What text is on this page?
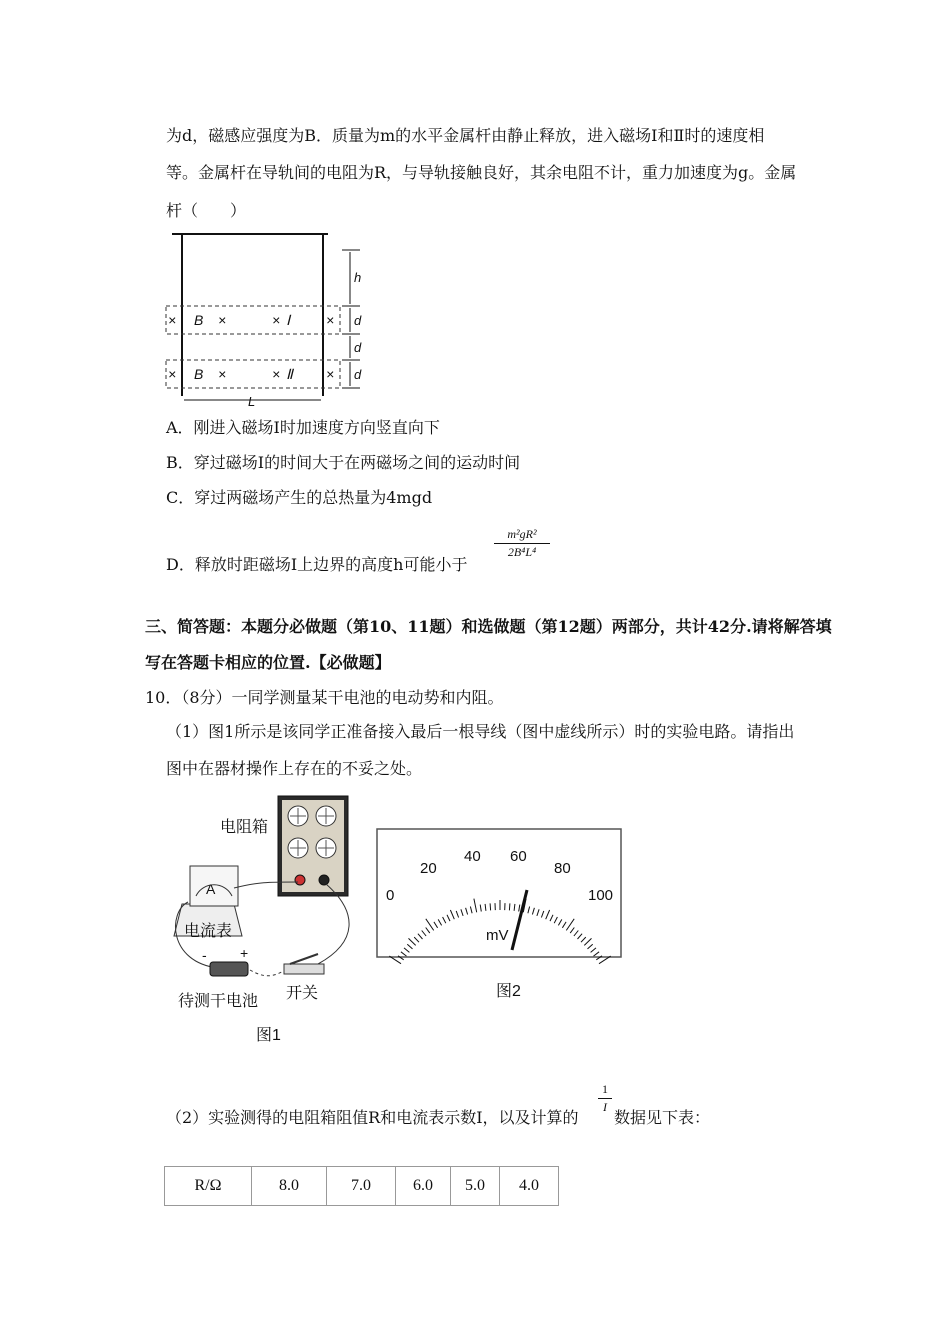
为d，磁感应强度为B．质量为m的水平金属杆由静止释放，进入磁场Ⅰ和Ⅱ时的速度相
等。金属杆在导轨间的电阻为R，与导轨接触良好，其余电阻不计，重力加速度为g。金属
杆（　　）
× B ×	× Ⅰ	×
× B ×	× Ⅱ ×
h
d
d
d
L
A．刚进入磁场Ⅰ时加速度方向竖直向下
B．穿过磁场Ⅰ的时间大于在两磁场之间的运动时间
C．穿过两磁场产生的总热量为4mgd
D．释放时距磁场Ⅰ上边界的高度h可能小于
m²gR²
2B⁴L⁴
三、简答题：本题分必做题（第10、11题）和选做题（第12题）两部分，共计42分.请将解答填
写在答题卡相应的位置.【必做题】
10．（8分）一同学测量某干电池的电动势和内阻。
（1）图1所示是该同学正准备接入最后一根导线（图中虚线所示）时的实验电路。请指出
图中在器材操作上存在的不妥之处。
电阻箱
A
电流表
- +
待测干电池 开关
图1
0
20
40 60
80
100
mV
图2
（2）实验测得的电阻箱阻值R和电流表示数I，以及计算的
1
I
数据见下表：
R/Ω	8.0	7.0	6.0	5.0	4.0
